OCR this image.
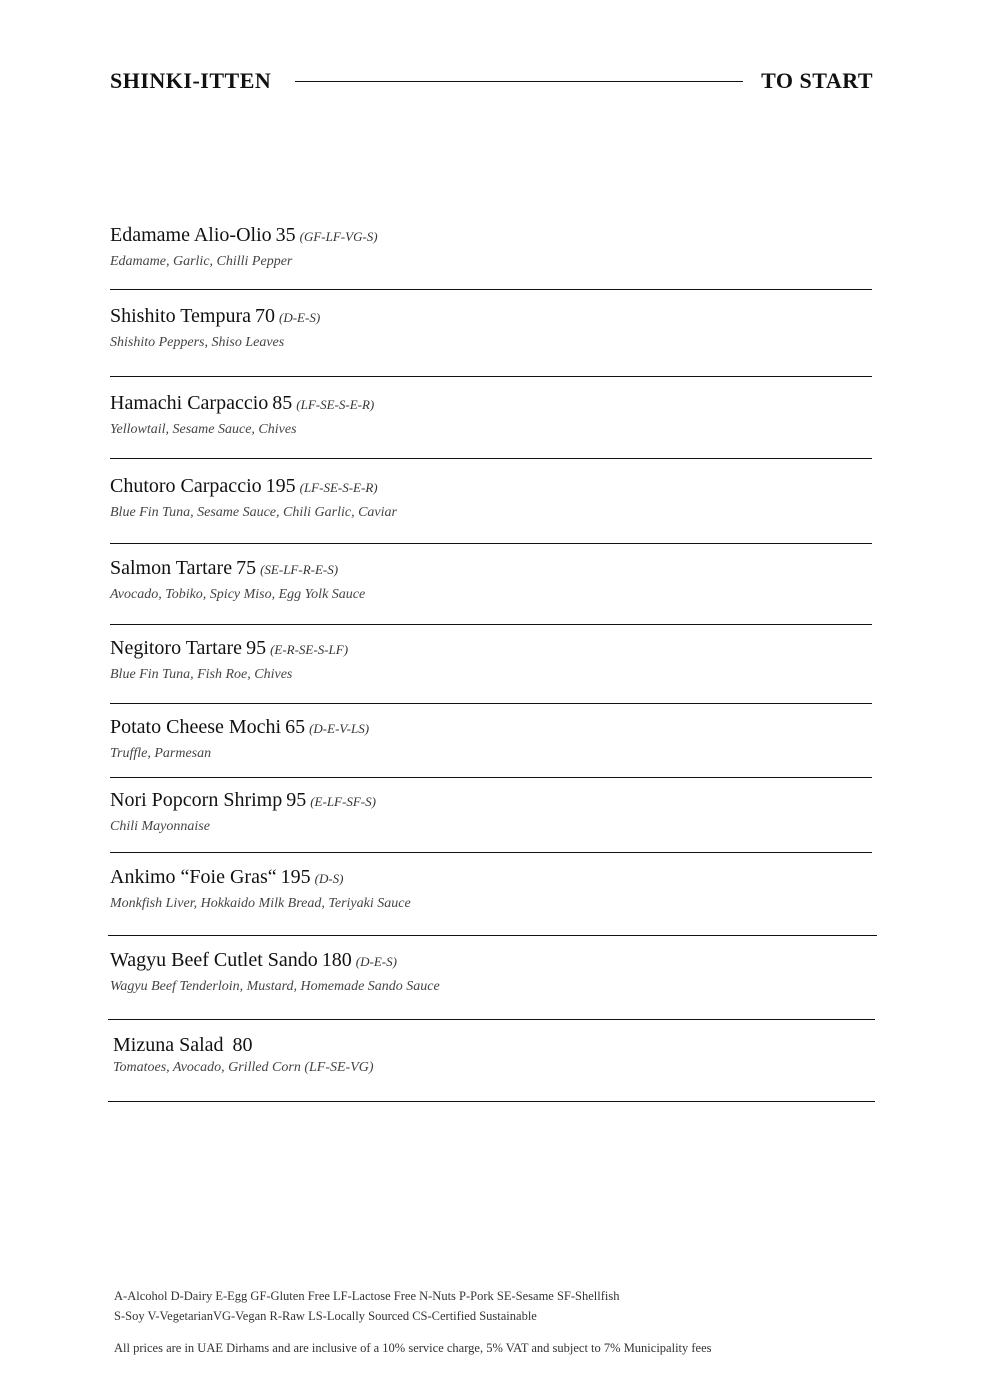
SHINKI-ITTEN	TO START
Edamame Alio-Olio 35 (GF-LF-VG-S)
Edamame, Garlic, Chilli Pepper
Shishito Tempura 70 (D-E-S)
Shishito Peppers, Shiso Leaves
Hamachi Carpaccio 85 (LF-SE-S-E-R)
Yellowtail, Sesame Sauce, Chives
Chutoro Carpaccio 195 (LF-SE-S-E-R)
Blue Fin Tuna, Sesame Sauce, Chili Garlic, Caviar
Salmon Tartare 75 (SE-LF-R-E-S)
Avocado, Tobiko, Spicy Miso, Egg Yolk Sauce
Negitoro Tartare 95 (E-R-SE-S-LF)
Blue Fin Tuna, Fish Roe, Chives
Potato Cheese Mochi 65 (D-E-V-LS)
Truffle, Parmesan
Nori Popcorn Shrimp 95 (E-LF-SF-S)
Chili Mayonnaise
Ankimo “Foie Gras“ 195 (D-S)
Monkfish Liver, Hokkaido Milk Bread, Teriyaki Sauce
Wagyu Beef Cutlet Sando 180 (D-E-S)
Wagyu Beef Tenderloin, Mustard, Homemade Sando Sauce
Mizuna Salad 80
Tomatoes, Avocado, Grilled Corn (LF-SE-VG)
A-Alcohol D-Dairy E-Egg GF-Gluten Free LF-Lactose Free N-Nuts P-Pork SE-Sesame SF-Shellfish
S-Soy V-VegetarianVG-Vegan R-Raw LS-Locally Sourced CS-Certified Sustainable
All prices are in UAE Dirhams and are inclusive of a 10% service charge, 5% VAT and subject to 7% Municipality fees
